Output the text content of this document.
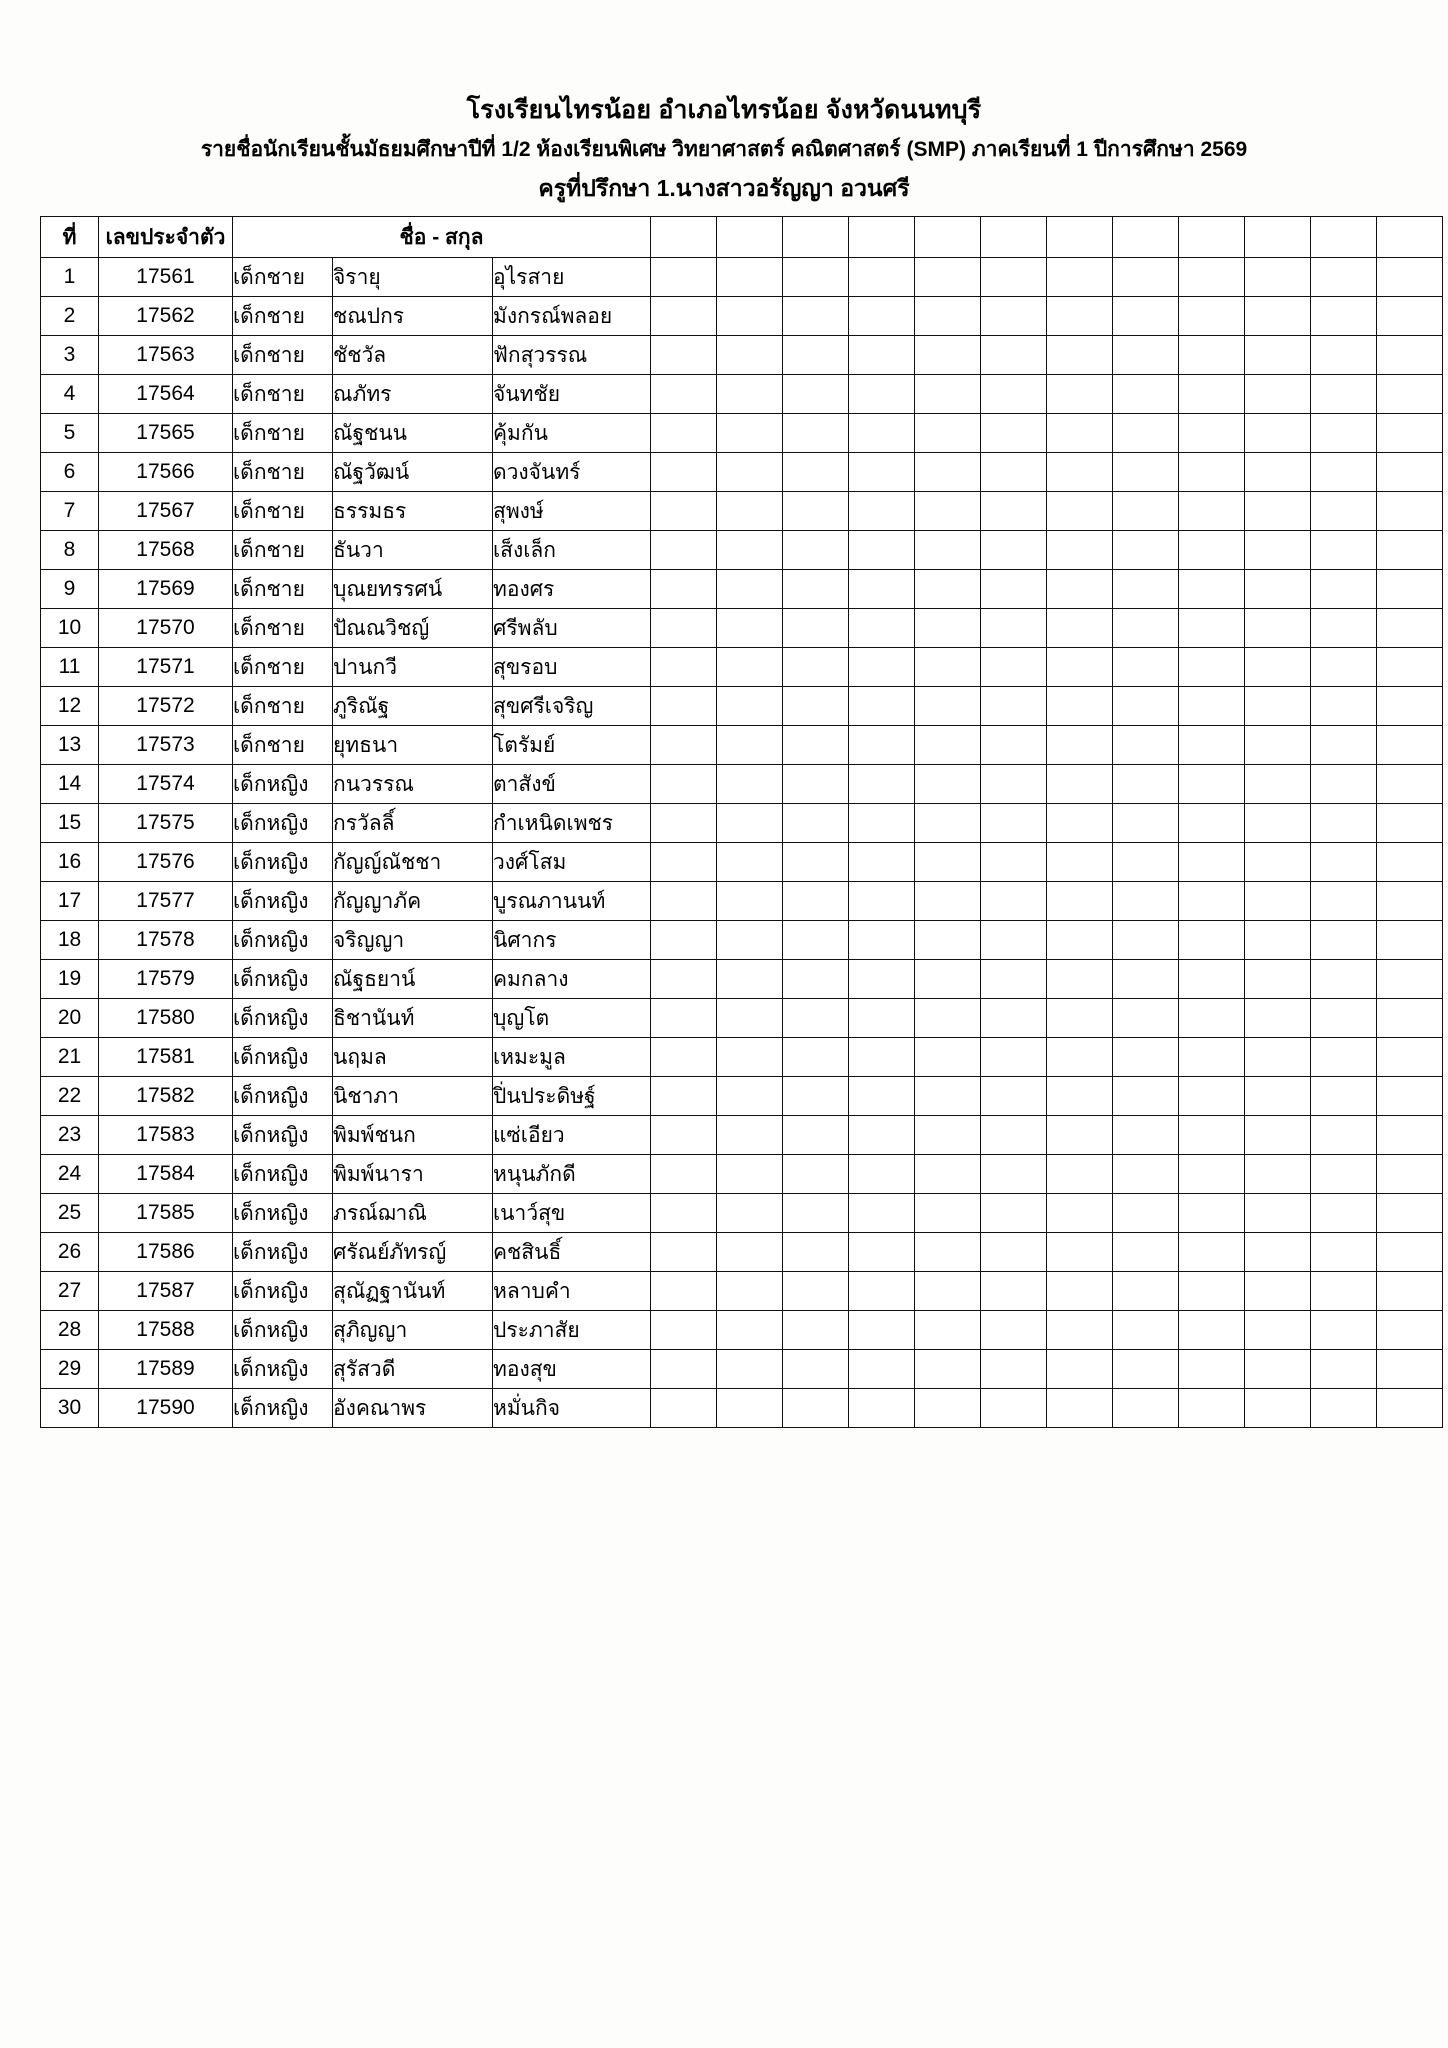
โรงเรียนไทรน้อย อำเภอไทรน้อย จังหวัดนนทบุรี
รายชื่อนักเรียนชั้นมัธยมศึกษาปีที่ 1/2 ห้องเรียนพิเศษ วิทยาศาสตร์ คณิตศาสตร์ (SMP) ภาคเรียนที่ 1 ปีการศึกษา 2569
ครูที่ปรึกษา 1.นางสาวอรัญญา อวนศรี
ที่	เลขประจำตัว	ชื่อ - สกุล														
1	17561	เด็กชาย	จิรายุ	อุไรสาย												
2	17562	เด็กชาย	ชณปกร	มังกรณ์พลอย												
3	17563	เด็กชาย	ชัชวัล	ฟักสุวรรณ												
4	17564	เด็กชาย	ณภัทร	จันทชัย												
5	17565	เด็กชาย	ณัฐชนน	คุ้มกัน												
6	17566	เด็กชาย	ณัฐวัฒน์	ดวงจันทร์												
7	17567	เด็กชาย	ธรรมธร	สุพงษ์												
8	17568	เด็กชาย	ธันวา	เส็งเล็ก												
9	17569	เด็กชาย	บุณยทรรศน์	ทองศร												
10	17570	เด็กชาย	ปัณณวิชญ์	ศรีพลับ												
11	17571	เด็กชาย	ปานกวี	สุขรอบ												
12	17572	เด็กชาย	ภูริณัฐ	สุขศรีเจริญ												
13	17573	เด็กชาย	ยุทธนา	โตรัมย์												
14	17574	เด็กหญิง	กนวรรณ	ตาสังข์												
15	17575	เด็กหญิง	กรวัลลิ์	กำเหนิดเพชร												
16	17576	เด็กหญิง	กัญญ์ณัชชา	วงศ์โสม												
17	17577	เด็กหญิง	กัญญาภัค	บูรณภานนท์												
18	17578	เด็กหญิง	จริญญา	นิศากร												
19	17579	เด็กหญิง	ณัฐธยาน์	คมกลาง												
20	17580	เด็กหญิง	ธิชานันท์	บุญโต												
21	17581	เด็กหญิง	นฤมล	เหมะมูล												
22	17582	เด็กหญิง	นิชาภา	ปิ่นประดิษฐ์												
23	17583	เด็กหญิง	พิมพ์ชนก	แซ่เอียว												
24	17584	เด็กหญิง	พิมพ์นารา	หนุนภักดี												
25	17585	เด็กหญิง	ภรณ์ฌาณิ	เนาว์สุข												
26	17586	เด็กหญิง	ศรัณย์ภัทรญ์	คชสินธิ์												
27	17587	เด็กหญิง	สุณัฏฐานันท์	หลาบคำ												
28	17588	เด็กหญิง	สุภิญญา	ประภาสัย												
29	17589	เด็กหญิง	สุรัสวดี	ทองสุข												
30	17590	เด็กหญิง	อังคณาพร	หมั่นกิจ												
